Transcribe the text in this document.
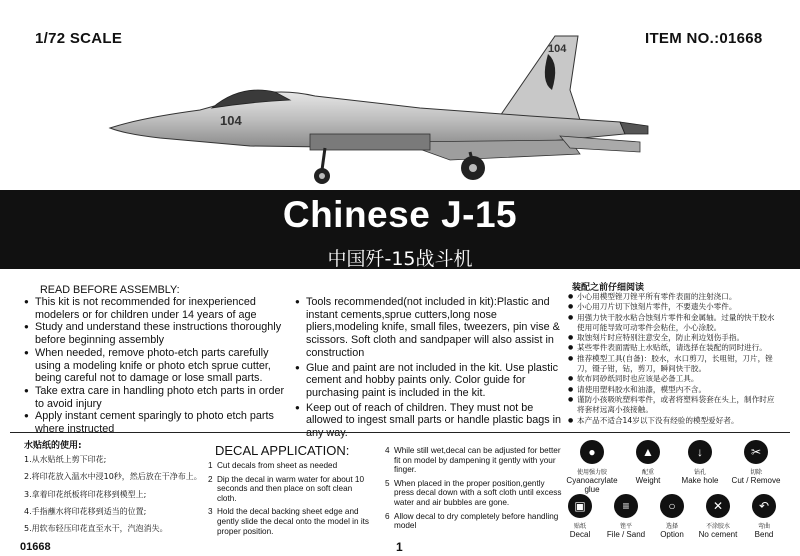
1/72 SCALE	ITEM NO.:01668
104
104
Chinese J-15
中国歼-15战斗机
READ BEFORE ASSEMBLY:
● This kit is not recommended for inexperienced modelers or for children under 14 years of age
● Study and understand these instructions thoroughly before beginning assembly
● When needed, remove photo-etch parts carefully using a modeling knife or photo etch sprue cutter, being careful not to damage or lose small parts.
● Take extra care in handling photo etch parts in order to avoid injury
● Apply instant cement sparingly to photo etch parts where instructed
● Tools recommended(not included in kit):Plastic and instant cements,sprue cutters,long nose pliers,modeling knife, small files, tweezers, pin vise & scissors. Soft cloth and sandpaper will also assist in construction
● Glue and paint are not included in the kit. Use plastic cement and hobby paints only. Color guide for purchasing paint is included in the kit.
● Keep out of reach of children. They must not be allowed to ingest small parts or handle plastic bags in any way.
装配之前仔细阅读
● 小心用模型锉刀锉平所有零件表面的注射浇口。
● 小心用刀片切下蚀刻片零件，不要遗失小零件。
● 用强力快干胶水粘合蚀刻片零件和金属轴。过量的快干胶水使用可能导致可动零件会粘住，小心涂胶。
● 取蚀刻片时应特别注意安全，防止利边划伤手指。
● 某些零件表面需贴上水贴纸，请选择在装配的同时进行。
● 推荐模型工具(自备)：胶水，水口剪刀，长咀钳，刀片，锉刀，镊子钳，钻，剪刀，瞬间快干胶。
● 软布同砂纸同时也应该是必备工具。
● 请使用塑料胶水和油漆，模型内不含。
● 谨防小孩吸吮塑料零件，或者将塑料袋套在头上，制作时应将套材远离小孩接触。
● 本产品不适合14岁以下没有经验的模型爱好者。
水贴纸的使用:
1.从水贴纸上剪下印花;
2.将印花放入温水中浸10秒，然后放在干净布上。
3.拿着印花纸板将印花移到模型上;
4.手指蘸水将印花移到适当的位置;
5.用软布轻压印花直至水干，汽泡消失。
DECAL APPLICATION:
1 Cut decals from sheet as needed
2 Dip the decal in warm water for about 10 seconds and then place on soft clean cloth.
3 Hold the decal backing sheet edge and gently slide the decal onto the model in its proper position.
4 While still wet,decal can be adjusted for better fit on model by dampening it gently with your finger.
5 When placed in the proper position,gently press decal down with a soft cloth until excess water and air bubbles are gone.
6 Allow decal to dry completely before handling model
●
使用强力胶
Cyanoacrylate glue
▲
配重
Weight
↓
钻孔
Make hole
✂
切除
Cut / Remove
▣
贴纸
Decal
≡
锉平
File / Sand
○
选择
Option
✕
不涂胶水
No cement
↶
弯曲
Bend
01668	1
